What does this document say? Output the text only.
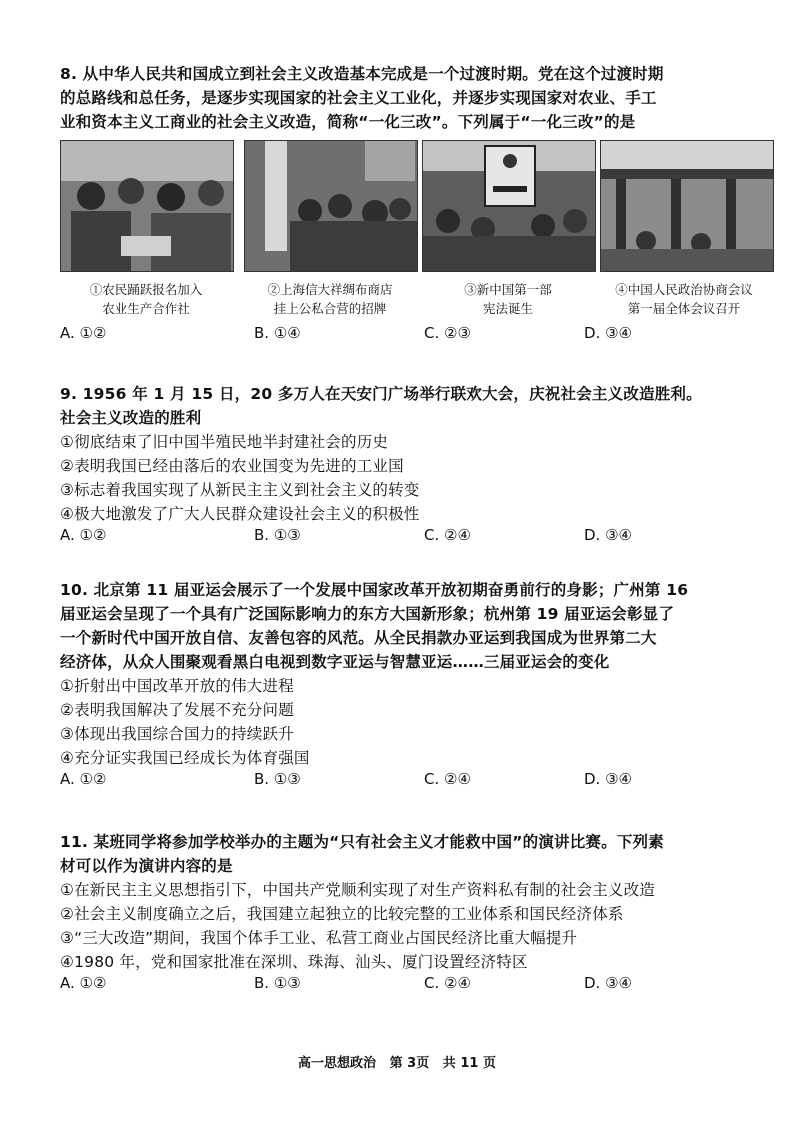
8. 从中华人民共和国成立到社会主义改造基本完成是一个过渡时期。党在这个过渡时期
的总路线和总任务，是逐步实现国家的社会主义工业化，并逐步实现国家对农业、手工
业和资本主义工商业的社会主义改造，简称“一化三改”。下列属于“一化三改”的是
①农民踊跃报名加入
农业生产合作社
②上海信大祥绸布商店
挂上公私合营的招牌
③新中国第一部
宪法诞生
④中国人民政治协商会议
第一届全体会议召开
A. ①②	B. ①④	C. ②③	D. ③④
9. 1956 年 1 月 15 日，20 多万人在天安门广场举行联欢大会，庆祝社会主义改造胜利。
社会主义改造的胜利
①彻底结束了旧中国半殖民地半封建社会的历史
②表明我国已经由落后的农业国变为先进的工业国
③标志着我国实现了从新民主主义到社会主义的转变
④极大地激发了广大人民群众建设社会主义的积极性
A. ①②	B. ①③	C. ②④	D. ③④
10. 北京第 11 届亚运会展示了一个发展中国家改革开放初期奋勇前行的身影；广州第 16
届亚运会呈现了一个具有广泛国际影响力的东方大国新形象；杭州第 19 届亚运会彰显了
一个新时代中国开放自信、友善包容的风范。从全民捐款办亚运到我国成为世界第二大
经济体，从众人围聚观看黑白电视到数字亚运与智慧亚运……三届亚运会的变化
①折射出中国改革开放的伟大进程
②表明我国解决了发展不充分问题
③体现出我国综合国力的持续跃升
④充分证实我国已经成长为体育强国
A. ①②	B. ①③	C. ②④	D. ③④
11. 某班同学将参加学校举办的主题为“只有社会主义才能救中国”的演讲比赛。下列素
材可以作为演讲内容的是
①在新民主主义思想指引下，中国共产党顺利实现了对生产资料私有制的社会主义改造
②社会主义制度确立之后，我国建立起独立的比较完整的工业体系和国民经济体系
③“三大改造”期间，我国个体手工业、私营工商业占国民经济比重大幅提升
④1980 年，党和国家批准在深圳、珠海、汕头、厦门设置经济特区
A. ①②	B. ①③	C. ②④	D. ③④
高一思想政治 第 3页 共 11 页
